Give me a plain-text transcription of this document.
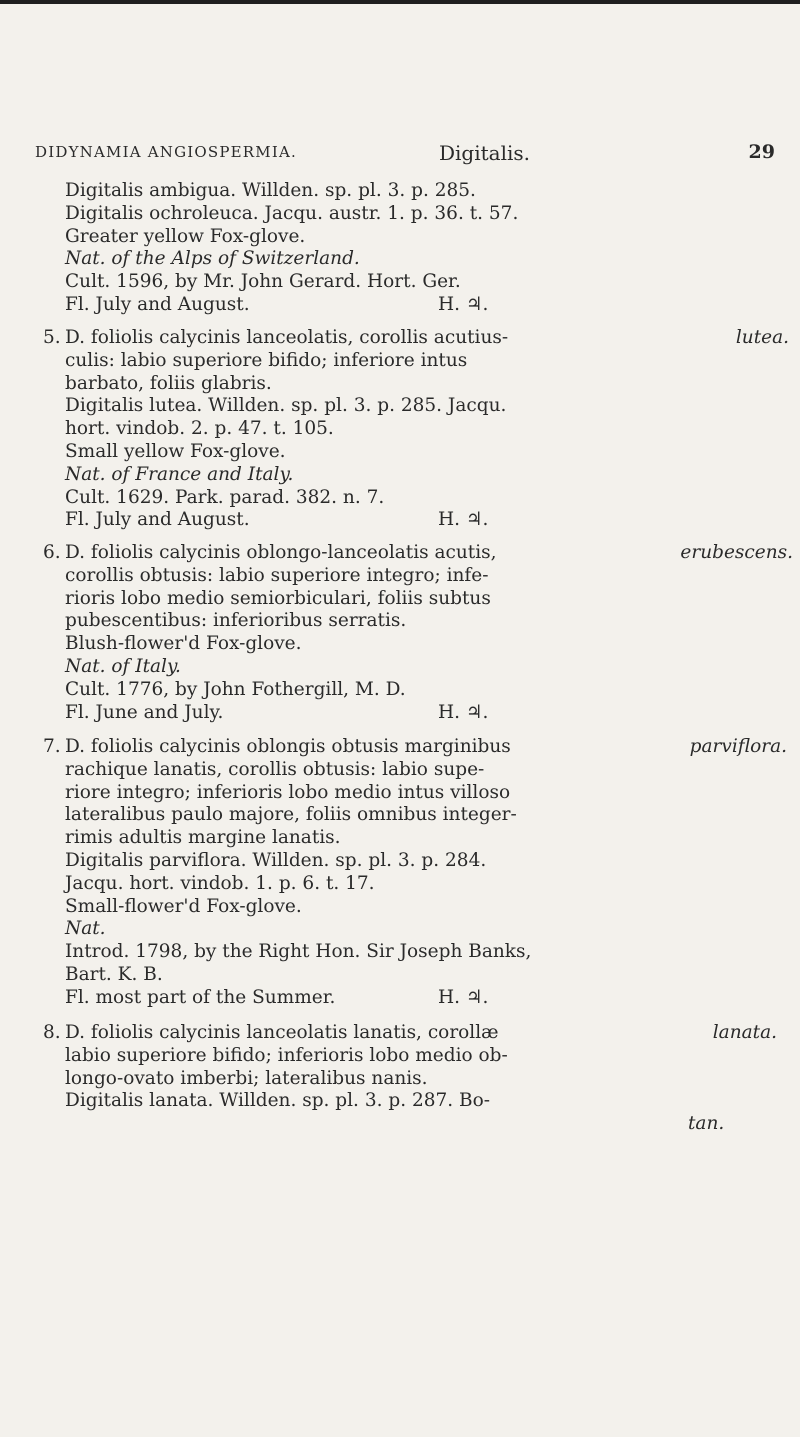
DIDYNAMIA ANGIOSPERMIA.	Digitalis.	29
Digitalis ambigua. Willden. sp. pl. 3. p. 285.
Digitalis ochroleuca. Jacqu. austr. 1. p. 36. t. 57.
Greater yellow Fox-glove.
Nat. of the Alps of Switzerland.
Cult. 1596, by Mr. John Gerard. Hort. Ger.
Fl. July and August.	H. ♃.
5. D. foliolis calycinis lanceolatis, corollis acutius-	lutea.
culis: labio superiore bifido; inferiore intus
barbato, foliis glabris.
Digitalis lutea. Willden. sp. pl. 3. p. 285. Jacqu.
hort. vindob. 2. p. 47. t. 105.
Small yellow Fox-glove.
Nat. of France and Italy.
Cult. 1629. Park. parad. 382. n. 7.
Fl. July and August.	H. ♃.
6. D. foliolis calycinis oblongo-lanceolatis acutis,	erubescens.
corollis obtusis: labio superiore integro; infe-
rioris lobo medio semiorbiculari, foliis subtus
pubescentibus: inferioribus serratis.
Blush-flower'd Fox-glove.
Nat. of Italy.
Cult. 1776, by John Fothergill, M. D.
Fl. June and July.	H. ♃.
7. D. foliolis calycinis oblongis obtusis marginibus	parviflora.
rachique lanatis, corollis obtusis: labio supe-
riore integro; inferioris lobo medio intus villoso
lateralibus paulo majore, foliis omnibus integer-
rimis adultis margine lanatis.
Digitalis parviflora. Willden. sp. pl. 3. p. 284.
Jacqu. hort. vindob. 1. p. 6. t. 17.
Small-flower'd Fox-glove.
Nat.
Introd. 1798, by the Right Hon. Sir Joseph Banks,
Bart. K. B.
Fl. most part of the Summer.	H. ♃.
8. D. foliolis calycinis lanceolatis lanatis, corollæ	lanata.
labio superiore bifido; inferioris lobo medio ob-
longo-ovato imberbi; lateralibus nanis.
Digitalis lanata. Willden. sp. pl. 3. p. 287. Bo-
tan.
